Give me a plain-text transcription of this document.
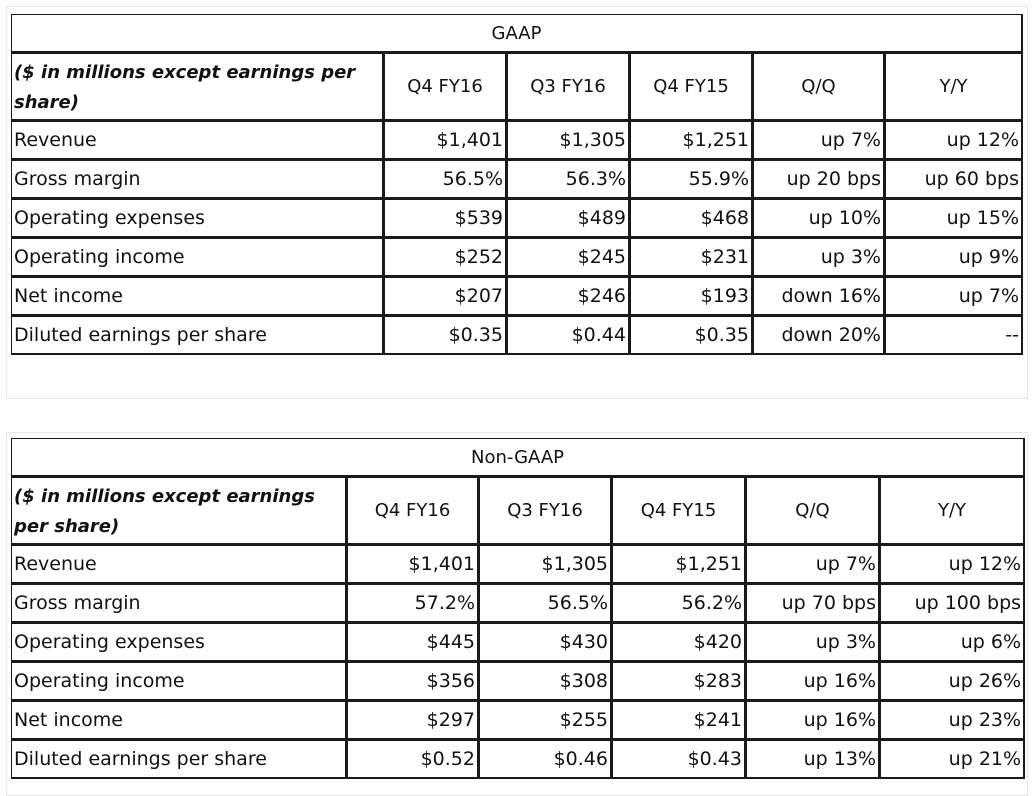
GAAP					
($ in millions except earnings per share)	Q4 FY16	Q3 FY16	Q4 FY15	Q/Q	Y/Y
Revenue	$1,401	$1,305	$1,251	up 7%	up 12%
Gross margin	56.5%	56.3%	55.9%	up 20 bps	up 60 bps
Operating expenses	$539	$489	$468	up 10%	up 15%
Operating income	$252	$245	$231	up 3%	up 9%
Net income	$207	$246	$193	down 16%	up 7%
Diluted earnings per share	$0.35	$0.44	$0.35	down 20%	--
Non-GAAP					
($ in millions except earnings per share)	Q4 FY16	Q3 FY16	Q4 FY15	Q/Q	Y/Y
Revenue	$1,401	$1,305	$1,251	up 7%	up 12%
Gross margin	57.2%	56.5%	56.2%	up 70 bps	up 100 bps
Operating expenses	$445	$430	$420	up 3%	up 6%
Operating income	$356	$308	$283	up 16%	up 26%
Net income	$297	$255	$241	up 16%	up 23%
Diluted earnings per share	$0.52	$0.46	$0.43	up 13%	up 21%
